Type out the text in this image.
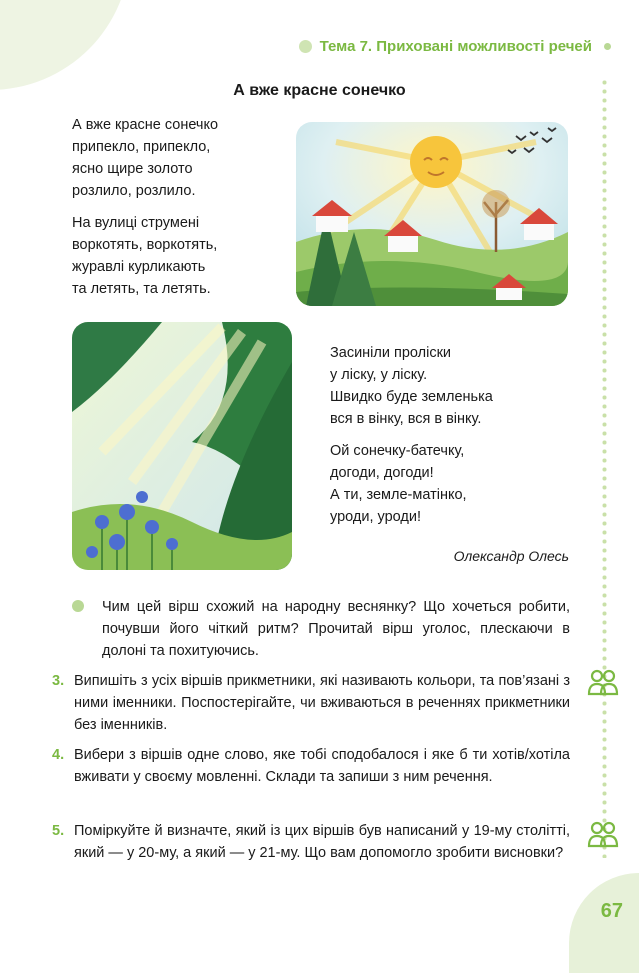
Тема 7. Приховані можливості речей
А вже красне сонечко
А вже красне сонечко
припекло, припекло,
ясно щире золото
розлило, розлило.
На вулиці струмені
воркотять, воркотять,
журавлі курликають
та летять, та летять.
Засиніли проліски
у ліску, у ліску.
Швидко буде земленька
вся в вінку, вся в вінку.
Ой сонечку-батечку,
догоди, догоди!
А ти, земле-матінко,
уроди, уроди!
Олександр Олесь
Чим цей вірш схожий на народну веснянку? Що хочеться робити, почувши його чіткий ритм? Прочитай вірш уголос, плескаючи в долоні та похитуючись.
3. Випишіть з усіх віршів прикметники, які називають кольори, та пов’язані з ними іменники. Поспостерігайте, чи вживаються в реченнях прикметники без іменників.
4. Вибери з віршів одне слово, яке тобі сподобалося і яке б ти хотів/хотіла вживати у своєму мовленні. Склади та запиши з ним речення.
5. Поміркуйте й визначте, який із цих віршів був написаний у 19-му столітті, який — у 20-му, а який — у 21-му. Що вам допомогло зробити висновки?
67
